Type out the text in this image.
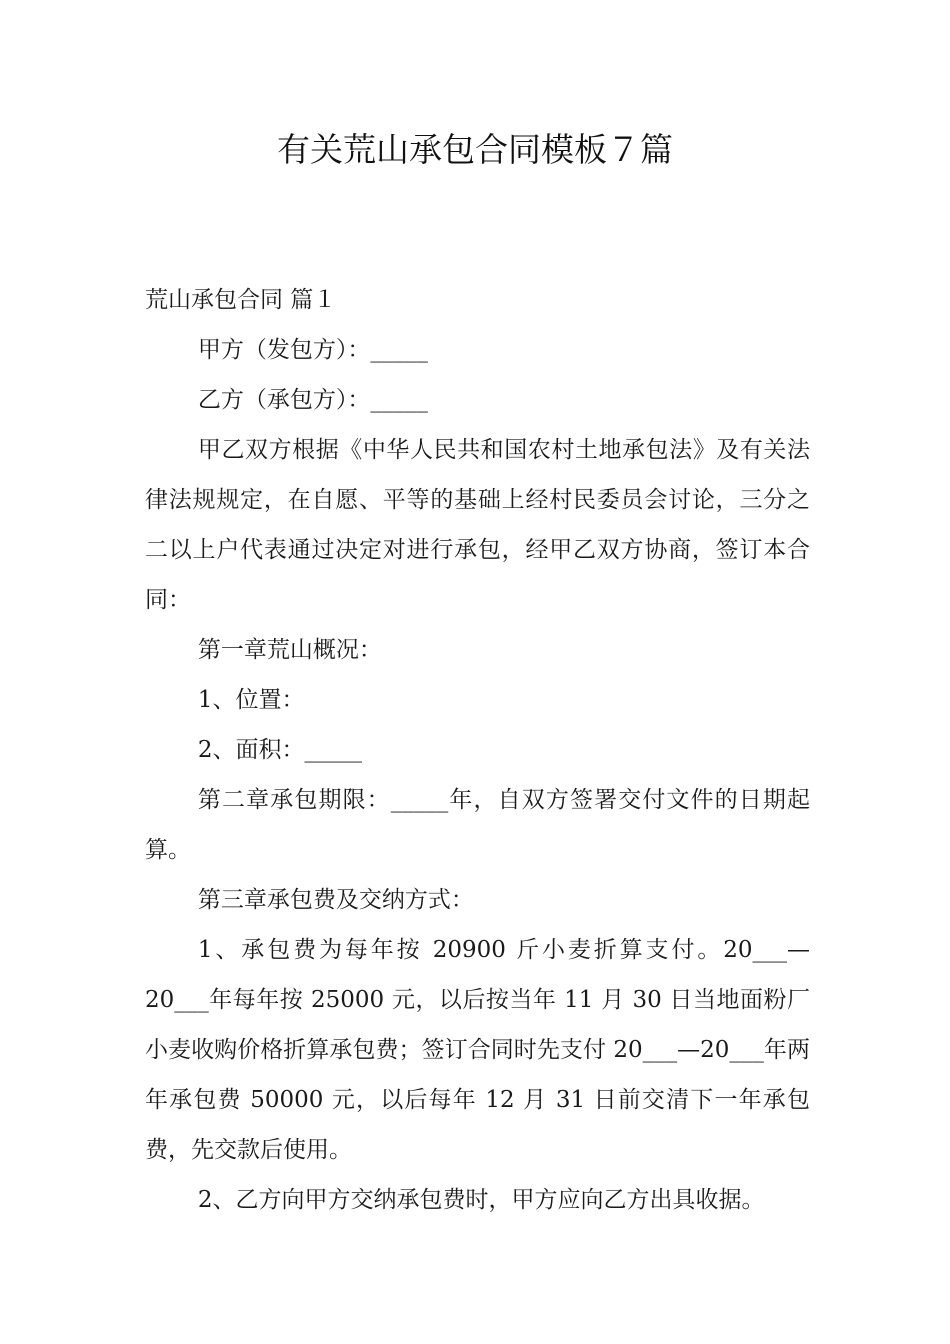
有关荒山承包合同模板７篇

荒山承包合同 篇１

甲方（发包方）：_____

乙方（承包方）：_____

甲乙双方根据《中华人民共和国农村土地承包法》及有关法律法规规定，在自愿、平等的基础上经村民委员会讨论，三分之二以上户代表通过决定对进行承包，经甲乙双方协商，签订本合同：

第一章荒山概况：

1、位置：

2、面积：_____

第二章承包期限：_____年，自双方签署交付文件的日期起算。

第三章承包费及交纳方式：

1、承包费为每年按 20900 斤小麦折算支付。20___—20___年每年按 25000 元，以后按当年 11 月 30 日当地面粉厂小麦收购价格折算承包费；签订合同时先支付 20___—20___年两年承包费 50000 元，以后每年 12 月 31 日前交清下一年承包费，先交款后使用。

2、乙方向甲方交纳承包费时，甲方应向乙方出具收据。
